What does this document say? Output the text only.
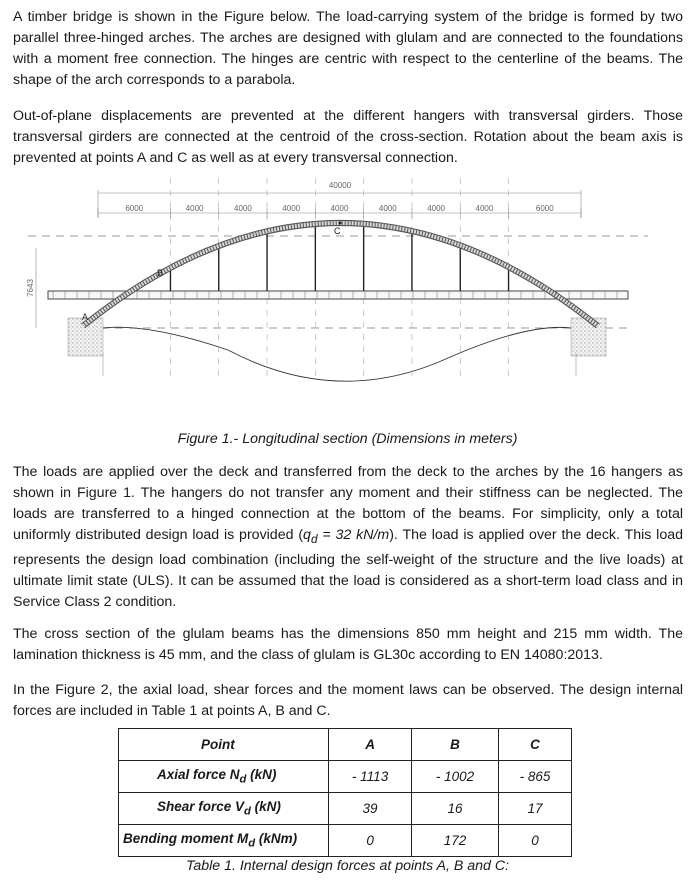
A timber bridge is shown in the Figure below. The load-carrying system of the bridge is formed by two parallel three-hinged arches. The arches are designed with glulam and are connected to the foundations with a moment free connection. The hinges are centric with respect to the centerline of the beams. The shape of the arch corresponds to a parabola.

Out-of-plane displacements are prevented at the different hangers with transversal girders. Those transversal girders are connected at the centroid of the cross-section. Rotation about the beam axis is prevented at points A and C as well as at every transversal connection.

40000
6000	4000	4000	4000	4000	4000	4000	4000	6000
7643
A
B
C
Figure 1.- Longitudinal section (Dimensions in meters)

The loads are applied over the deck and transferred from the deck to the arches by the 16 hangers as shown in Figure 1. The hangers do not transfer any moment and their stiffness can be neglected. The loads are transferred to a hinged connection at the bottom of the beams. For simplicity, only a total uniformly distributed design load is provided ($q_d = 32$ kN/m). The load is applied over the deck. This load represents the design load combination (including the self-weight of the structure and the live loads) at ultimate limit state (ULS). It can be assumed that the load is considered as a short-term load class and in Service Class 2 condition.

The cross section of the glulam beams has the dimensions 850 mm height and 215 mm width. The lamination thickness is 45 mm, and the class of glulam is GL30c according to EN 14080:2013.

In the Figure 2, the axial load, shear forces and the moment laws can be observed. The design internal forces are included in Table 1 at points A, B and C.

Point	A	B	C
Axial force $N_d$ (kN)	- 1113	- 1002	- 865
Shear force $V_d$ (kN)	39	16	17
Bending moment $M_d$ (kNm)	0	172	0
Table 1. Internal design forces at points A, B and C:
